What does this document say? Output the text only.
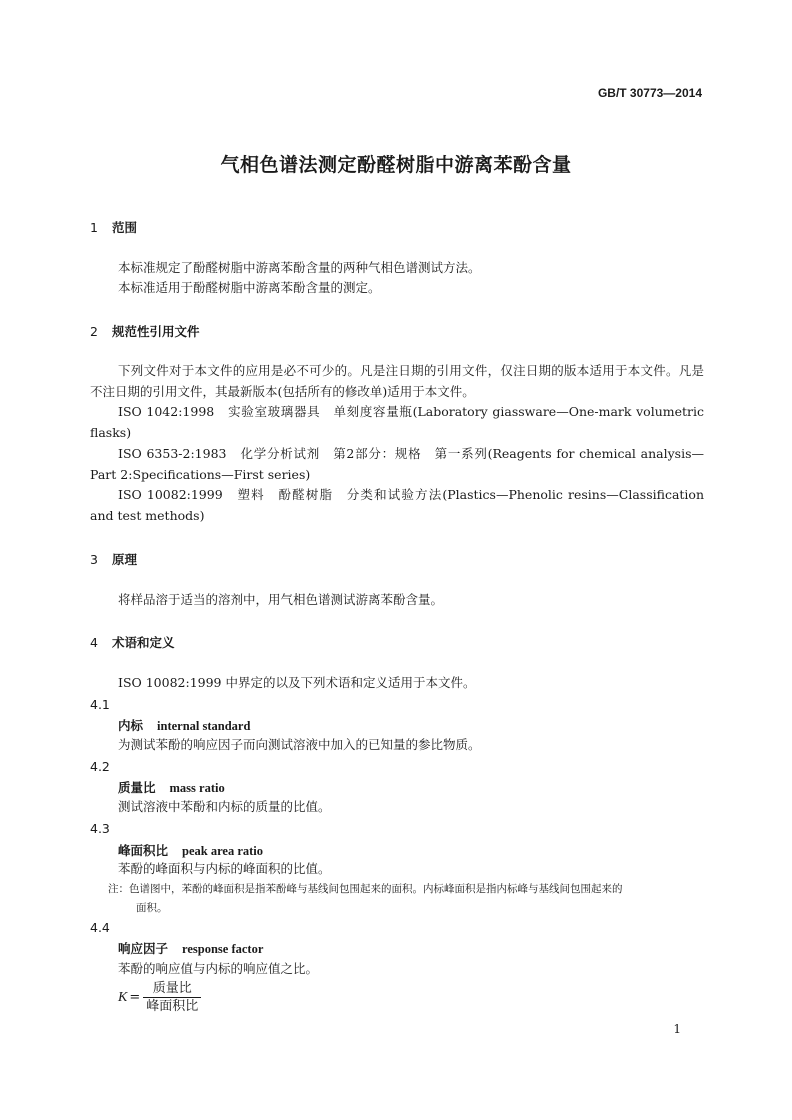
GB/T 30773—2014
气相色谱法测定酚醛树脂中游离苯酚含量
1 范围

本标准规定了酚醛树脂中游离苯酚含量的两种气相色谱测试方法。

本标准适用于酚醛树脂中游离苯酚含量的测定。

2 规范性引用文件

下列文件对于本文件的应用是必不可少的。凡是注日期的引用文件，仅注日期的版本适用于本文件。凡是不注日期的引用文件，其最新版本(包括所有的修改单)适用于本文件。

ISO 1042:1998　实验室玻璃器具　单刻度容量瓶(Laboratory giassware—One-mark volumetric flasks)

ISO 6353-2:1983　化学分析试剂　第2部分：规格　第一系列(Reagents for chemical analysis—Part 2:Specifications—First series)

ISO 10082:1999　塑料　酚醛树脂　分类和试验方法(Plastics—Phenolic resins—Classification and test methods)

3 原理

将样品溶于适当的溶剂中，用气相色谱测试游离苯酚含量。

4 术语和定义

ISO 10082:1999 中界定的以及下列术语和定义适用于本文件。

4.1
内标 internal standard

为测试苯酚的响应因子而向测试溶液中加入的已知量的参比物质。

4.2
质量比 mass ratio

测试溶液中苯酚和内标的质量的比值。

4.3
峰面积比 peak area ratio

苯酚的峰面积与内标的峰面积的比值。

注：色谱图中，苯酚的峰面积是指苯酚峰与基线间包围起来的面积。内标峰面积是指内标峰与基线间包围起来的
面积。

4.4
响应因子 response factor

苯酚的响应值与内标的响应值之比。

$K = \frac{\text{质量比}}{\text{峰面积比}}$
1
